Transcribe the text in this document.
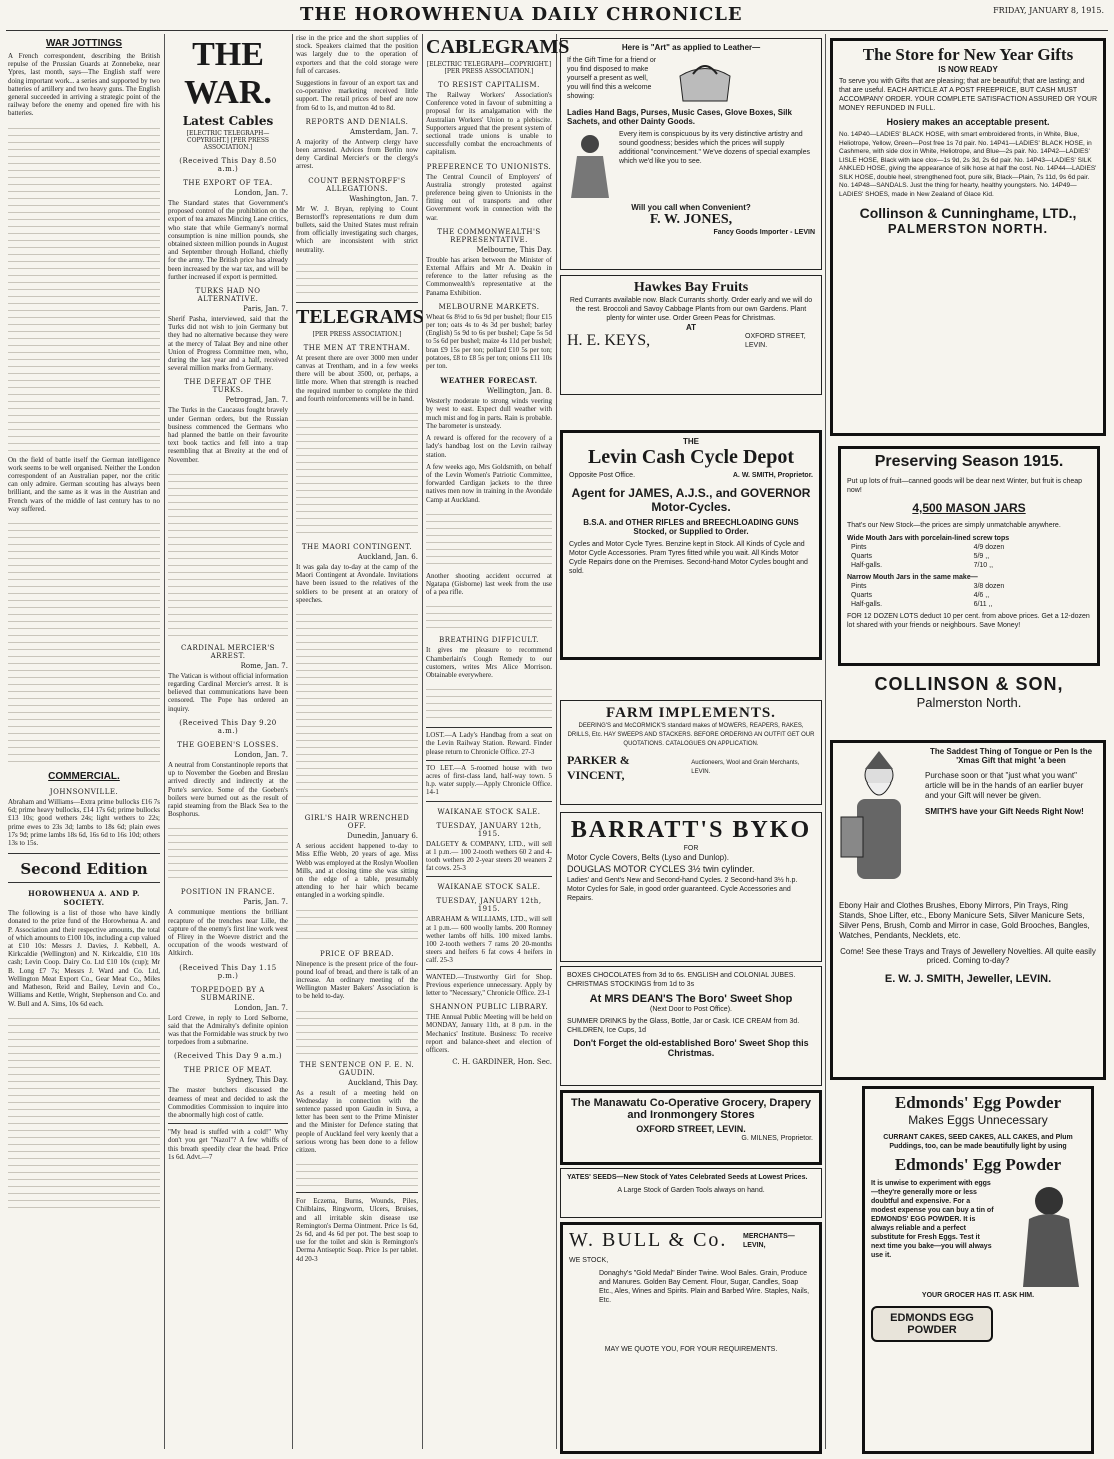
THE HOROWHENUA DAILY CHRONICLE	FRIDAY, JANUARY 8, 1915.
WAR JOTTINGS

A French correspondent, describing the British repulse of the Prussian Guards at Zonnebeke, near Ypres, last month, says—The English staff were doing important work... a series and supported by two batteries of artillery and two heavy guns. The English general succeeded in arriving a strategic point of the railway before the enemy and opened fire with his batteries.

On the field of battle itself the German intelligence work seems to be well organised. Neither the London correspondent of an Australian paper, nor the critic can only admire. German scouting has always been brilliant, and the same as it was in the Austrian and French wars of the middle of last century has to no way suffered.

COMMERCIAL.
JOHNSONVILLE.

Abraham and Williams—Extra prime bullocks £16 7s 6d; prime heavy bullocks, £14 17s 6d; prime bullocks £13 10s; good wethers 24s; light wethers to 22s; prime ewes to 23s 3d; lambs to 18s 6d; plain ewes 17s 9d; prime lambs 18s 6d, 16s 6d to 16s 10d; others 13s to 15s.

Second Edition
HOROWHENUA A. AND P. SOCIETY.

The following is a list of those who have kindly donated to the prize fund of the Horowhenua A. and P. Association and their respective amounts, the total of which amounts to £100 10s, including a cup valued at £10 10s: Messrs J. Davies, J. Kebbell, A. Kirkcaldie (Wellington) and N. Kirkcaldie, £10 10s cash; Levin Coop. Dairy Co. Ltd £10 10s (cup); Mr B. Long £7 7s; Messrs J. Ward and Co. Ltd, Wellington Meat Export Co., Gear Meat Co., Miles and Matheson, Reid and Bailey, Levin and Co., Williams and Kettle, Wright, Stephenson and Co. and W. Bull and A. Sims, 10s 6d each.

THE WAR.
Latest Cables
[ELECTRIC TELEGRAPH—COPYRIGHT.] [PER PRESS ASSOCIATION.]
(Received This Day 8.50 a.m.)
THE EXPORT OF TEA.
London, Jan. 7.

The Standard states that Government's proposed control of the prohibition on the export of tea amazes Mincing Lane critics, who state that while Germany's normal consumption is nine million pounds, she obtained sixteen million pounds in August and September through Holland, chiefly for the army. The British price has already been increased by the war tax, and will be further increased if export is permitted.

TURKS HAD NO ALTERNATIVE.
Paris, Jan. 7.

Sherif Pasha, interviewed, said that the Turks did not wish to join Germany but they had no alternative because they were at the mercy of Talaat Bey and nine other Union of Progress Committee men, who, during the last year and a half, received several million marks from Germany.

THE DEFEAT OF THE TURKS.
Petrograd, Jan. 7.

The Turks in the Caucasus fought bravely under German orders, but the Russian business commenced the Germans who had planned the battle on their favourite text book tactics and fell into a trap resembling that at Brezity at the end of November.

CARDINAL MERCIER'S ARREST.
Rome, Jan. 7.

The Vatican is without official information regarding Cardinal Mercier's arrest. It is believed that communications have been censored. The Pope has ordered an inquiry.

(Received This Day 9.20 a.m.)
THE GOEBEN'S LOSSES.
London, Jan. 7.

A neutral from Constantinople reports that up to November the Goeben and Breslau arrived directly and indirectly at the Porte's service. Some of the Goeben's boilers were burned out as the result of rapid steaming from the Black Sea to the Bosphorus.

POSITION IN FRANCE.
Paris, Jan. 7.

A communique mentions the brilliant recapture of the trenches near Lille, the capture of the enemy's first line work west of Flirey in the Woevre district and the occupation of the woods westward of Altkirch.

(Received This Day 1.15 p.m.)
TORPEDOED BY A SUBMARINE.
London, Jan. 7.

Lord Crewe, in reply to Lord Selborne, said that the Admiralty's definite opinion was that the Formidable was struck by two torpedoes from a submarine.

(Received This Day 9 a.m.)
THE PRICE OF MEAT.
Sydney, This Day.

The master butchers discussed the dearness of meat and decided to ask the Commodities Commission to inquire into the abnormally high cost of cattle.

"My head is stuffed with a cold!" Why don't you get "Nazol"? A few whiffs of this breath speedily clear the head. Price 1s 6d. Advt.—7

rise in the price and the short supplies of stock. Speakers claimed that the position was largely due to the operation of exporters and that the cold storage were full of carcases.

Suggestions in favour of an export tax and co-operative marketing received little support. The retail prices of beef are now from 6d to 1s, and mutton 4d to 8d.

REPORTS AND DENIALS.
Amsterdam, Jan. 7.

A majority of the Antwerp clergy have been arrested. Advices from Berlin now deny Cardinal Mercier's or the clergy's arrest.

COUNT BERNSTORFF'S ALLEGATIONS.
Washington, Jan. 7.

Mr W. J. Bryan, replying to Count Bernstorff's representations re dum dum bullets, said the United States must refrain from officially investigating such charges, which are inconsistent with strict neutrality.

TELEGRAMS
[PER PRESS ASSOCIATION.]
THE MEN AT TRENTHAM.

At present there are over 3000 men under canvas at Trentham, and in a few weeks there will be about 3500, or, perhaps, a little more. When that strength is reached the required number to complete the third and fourth reinforcements will be in hand.

THE MAORI CONTINGENT.
Auckland, Jan. 6.

It was gala day to-day at the camp of the Maori Contingent at Avondale. Invitations have been issued to the relatives of the soldiers to be present at an oratory of speeches.

GIRL'S HAIR WRENCHED OFF.
Dunedin, January 6.

A serious accident happened to-day to Miss Effie Webb, 20 years of age. Miss Webb was employed at the Roslyn Woollen Mills, and at closing time she was sitting on the edge of a table, presumably attending to her hair which became entangled in a working spindle.

PRICE OF BREAD.

Ninepence is the present price of the four-pound loaf of bread, and there is talk of an increase. An ordinary meeting of the Wellington Master Bakers' Association is to be held to-day.

THE SENTENCE ON F. E. N. GAUDIN.
Auckland, This Day.

As a result of a meeting held on Wednesday in connection with the sentence passed upon Gaudin in Suva, a letter has been sent to the Prime Minister and the Minister for Defence stating that people of Auckland feel very keenly that a serious wrong has been done to a fellow citizen.

For Eczema, Burns, Wounds, Piles, Chilblains, Ringworm, Ulcers, Bruises, and all irritable skin disease use Remington's Derma Ointment. Price 1s 6d, 2s 6d, and 4s 6d per pot. The best soap to use for the toilet and skin is Remington's Derma Antiseptic Soap. Price 1s per tablet. 4d 20-3

CABLEGRAMS
[ELECTRIC TELEGRAPH—COPYRIGHT.] [PER PRESS ASSOCIATION.]
TO RESIST CAPITALISM.

The Railway Workers' Association's Conference voted in favour of submitting a proposal for its amalgamation with the Australian Workers' Union to a plebiscite. Supporters argued that the present system of sectional trade unions is unable to successfully combat the encroachments of capitalism.

PREFERENCE TO UNIONISTS.

The Central Council of Employers' of Australia strongly protested against preference being given to Unionists in the fitting out of transports and other Government work in connection with the war.

THE COMMONWEALTH'S REPRESENTATIVE.
Melbourne, This Day.

Trouble has arisen between the Minister of External Affairs and Mr A. Deakin in reference to the latter refusing as the Commonwealth's representative at the Panama Exhibition.

MELBOURNE MARKETS.

Wheat 6s 8½d to 6s 9d per bushel; flour £15 per ton; oats 4s to 4s 3d per bushel; barley (English) 5s 9d to 6s per bushel; Cape 5s 5d to 5s 6d per bushel; maize 4s 11d per bushel; bran £9 15s per ton; pollard £10 5s per ton; potatoes, £8 to £8 5s per ton; onions £11 10s per ton.

WEATHER FORECAST.
Wellington, Jan. 8.

Westerly moderate to strong winds veering by west to east. Expect dull weather with much mist and fog in parts. Rain is probable. The barometer is unsteady.

A reward is offered for the recovery of a lady's handbag lost on the Levin railway station.

A few weeks ago, Mrs Goldsmith, on behalf of the Levin Women's Patriotic Committee, forwarded Cardigan jackets to the three natives men now in training in the Avondale Camp at Auckland.

Another shooting accident occurred at Ngatapa (Gisborne) last week from the use of a pea rifle.

BREATHING DIFFICULT.

It gives me pleasure to recommend Chamberlain's Cough Remedy to our customers, writes Mrs Alice Morrison. Obtainable everywhere.

LOST.—A Lady's Handbag from a seat on the Levin Railway Station. Reward. Finder please return to Chronicle Office. 27-3

TO LET.—A 5-roomed house with two acres of first-class land, half-way town. 5 h.p. water supply.—Apply Chronicle Office. 14-1

WAIKANAE STOCK SALE.
TUESDAY, JANUARY 12th, 1915.

DALGETY & COMPANY, LTD., will sell at 1 p.m.— 100 2-tooth wethers 60 2 and 4-tooth wethers 20 2-year steers 20 weaners 2 fat cows. 25-3

WAIKANAE STOCK SALE.
TUESDAY, JANUARY 12th, 1915.

ABRAHAM & WILLIAMS, LTD., will sell at 1 p.m.— 600 woolly lambs. 200 Romney wether lambs off hills. 100 mixed lambs. 100 2-tooth wethers 7 rams 20 20-months steers and heifers 6 fat cows 4 heifers in calf. 25-3

WANTED.—Trustworthy Girl for Shop. Previous experience unnecessary. Apply by letter to "Necessary," Chronicle Office. 23-1

SHANNON PUBLIC LIBRARY.

THE Annual Public Meeting will be held on MONDAY, January 11th, at 8 p.m. in the Mechanics' Institute. Business: To receive report and balance-sheet and election of officers.

C. H. GARDINER, Hon. Sec.
Here is "Art" as applied to Leather—
If the Gift Time for a friend or you find disposed to make yourself a present as well, you will find this a welcome showing:
Ladies Hand Bags, Purses, Music Cases, Glove Boxes, Silk Sachets, and other Dainty Goods.
Every item is conspicuous by its very distinctive artistry and sound goodness; besides which the prices will supply additional "convincement." We've dozens of special examples which we'd like you to see.
Will you call when Convenient?
F. W. JONES,
Fancy Goods Importer - LEVIN
Hawkes Bay Fruits
Red Currants available now. Black Currants shortly. Order early and we will do the rest. Broccoli and Savoy Cabbage Plants from our own Gardens. Plant plenty for winter use. Order Green Peas for Christmas.
AT
H. E. KEYS,	OXFORD STREET, LEVIN.
THE
Levin Cash Cycle Depot
Opposite Post Office.	A. W. SMITH, Proprietor.
Agent for JAMES, A.J.S., and GOVERNOR Motor-Cycles.
B.S.A. and OTHER RIFLES and BREECHLOADING GUNS Stocked, or Supplied to Order.
Cycles and Motor Cycle Tyres. Benzine kept in Stock. All Kinds of Cycle and Motor Cycle Accessories. Pram Tyres fitted while you wait. All Kinds Motor Cycle Repairs done on the Premises. Second-hand Motor Cycles bought and sold.
FARM IMPLEMENTS.
DEERING'S and McCORMICK'S standard makes of MOWERS, REAPERS, RAKES, DRILLS, Etc. HAY SWEEPS AND STACKERS. BEFORE ORDERING AN OUTFIT GET OUR QUOTATIONS. CATALOGUES ON APPLICATION.
PARKER & VINCENT,
Auctioneers, Wool and Grain Merchants, LEVIN.
BARRATT'S BYKO
FOR
Motor Cycle Covers, Belts (Lyso and Dunlop).
DOUGLAS MOTOR CYCLES 3½ twin cylinder.
Ladies' and Gent's New and Second-hand Cycles. 2 Second-hand 3½ h.p. Motor Cycles for Sale, in good order guaranteed. Cycle Accessories and Repairs.
BOXES CHOCOLATES from 3d to 6s. ENGLISH and COLONIAL JUBES. CHRISTMAS STOCKINGS from 1d to 3s
At MRS DEAN'S The Boro' Sweet Shop
(Next Door to Post Office).
SUMMER DRINKS by the Glass, Bottle, Jar or Cask. ICE CREAM from 3d. CHILDREN, Ice Cups, 1d
Don't Forget the old-established Boro' Sweet Shop this Christmas.
The Manawatu Co-Operative Grocery, Drapery and Ironmongery Stores
OXFORD STREET, LEVIN.
G. MILNES, Proprietor.
YATES' SEEDS—New Stock of Yates Celebrated Seeds at Lowest Prices.
A Large Stock of Garden Tools always on hand.
W. BULL & Co. MERCHANTS— LEVIN,
WE STOCK,
Donaghy's "Gold Medal" Binder Twine. Wool Bales. Grain, Produce and Manures. Golden Bay Cement. Flour, Sugar, Candles, Soap Etc., Ales, Wines and Spirits. Plain and Barbed Wire. Staples, Nails, Etc.
MAY WE QUOTE YOU, FOR YOUR REQUIREMENTS.
The Store for New Year Gifts
IS NOW READY
To serve you with Gifts that are pleasing; that are beautiful; that are lasting; and that are useful. EACH ARTICLE AT A POST FREEPRICE, BUT CASH MUST ACCOMPANY ORDER. YOUR COMPLETE SATISFACTION ASSURED OR YOUR MONEY REFUNDED IN FULL.
Hosiery makes an acceptable present.
No. 14P40—LADIES' BLACK HOSE, with smart embroidered fronts, in White, Blue, Heliotrope, Yellow, Green—Post free 1s 7d pair. No. 14P41—LADIES' BLACK HOSE, in Cashmere, with side clox in White, Heliotrope, and Blue—2s pair. No. 14P42—LADIES' LISLE HOSE, Black with lace clox—1s 9d, 2s 3d, 2s 6d pair. No. 14P43—LADIES' SILK ANKLED HOSE, giving the appearance of silk hose at half the cost. No. 14P44—LADIES' SILK HOSE, double heel, strengthened foot, pure silk, Black—Plain, 7s 11d, 9s 6d pair. No. 14P48—SANDALS. Just the thing for hearty, healthy youngsters. No. 14P49—LADIES' SHOES, made in New Zealand of Glace Kid.
Collinson & Cunninghame, LTD.,
PALMERSTON NORTH.
Preserving Season 1915.
Put up lots of fruit—canned goods will be dear next Winter, but fruit is cheap now!
4,500 MASON JARS
That's our New Stock—the prices are simply unmatchable anywhere.
Wide Mouth Jars with porcelain-lined screw tops
Pints	4/9 dozen
Quarts	5/9 ,,
Half-galls.	7/10 ,,
Narrow Mouth Jars in the same make—
Pints	3/8 dozen
Quarts	4/6 ,,
Half-galls.	6/11 ,,
FOR 12 DOZEN LOTS deduct 10 per cent. from above prices. Get a 12-dozen lot shared with your friends or neighbours. Save Money!
COLLINSON & SON,
Palmerston North.
The Saddest Thing of Tongue or Pen Is the 'Xmas Gift that might 'a been
Purchase soon or that "just what you want" article will be in the hands of an earlier buyer and your Gift will never be given.
SMITH'S have your Gift Needs Right Now!
Ebony Hair and Clothes Brushes, Ebony Mirrors, Pin Trays, Ring Stands, Shoe Lifter, etc., Ebony Manicure Sets, Silver Manicure Sets, Silver Pens, Brush, Comb and Mirror in case, Gold Brooches, Bangles, Watches, Pendants, Necklets, etc.
Come! See these Trays and Trays of Jewellery Novelties. All quite easily priced. Coming to-day?
E. W. J. SMITH, Jeweller, LEVIN.
Edmonds' Egg Powder
Makes Eggs Unnecessary
CURRANT CAKES, SEED CAKES, ALL CAKES, and Plum Puddings, too, can be made beautifully light by using
Edmonds' Egg Powder
It is unwise to experiment with eggs—they're generally more or less doubtful and expensive. For a modest expense you can buy a tin of EDMONDS' EGG POWDER. It is always reliable and a perfect substitute for Fresh Eggs. Test it next time you bake—you will always use it.
YOUR GROCER HAS IT. ASK HIM.
EDMONDS EGG POWDER
